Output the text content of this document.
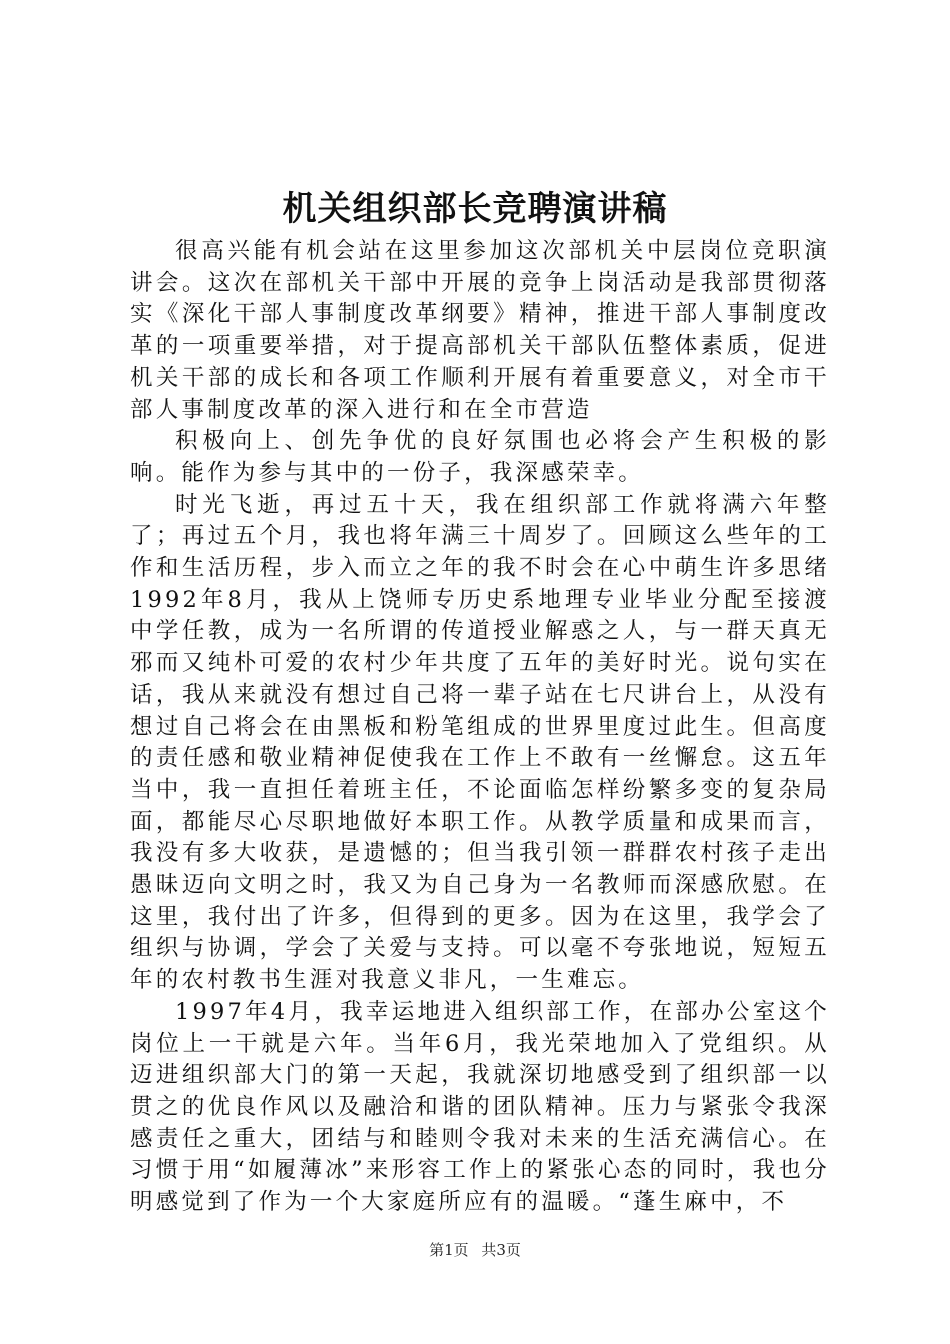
机关组织部长竞聘演讲稿

很高兴能有机会站在这里参加这次部机关中层岗位竞职演讲会。这次在部机关干部中开展的竞争上岗活动是我部贯彻落实《深化干部人事制度改革纲要》精神，推进干部人事制度改革的一项重要举措，对于提高部机关干部队伍整体素质，促进机关干部的成长和各项工作顺利开展有着重要意义，对全市干部人事制度改革的深入进行和在全市营造

积极向上、创先争优的良好氛围也必将会产生积极的影响。能作为参与其中的一份子，我深感荣幸。

时光飞逝，再过五十天，我在组织部工作就将满六年整了；再过五个月，我也将年满三十周岁了。回顾这么些年的工作和生活历程，步入而立之年的我不时会在心中萌生许多思绪1992年8月，我从上饶师专历史系地理专业毕业分配至接渡中学任教，成为一名所谓的传道授业解惑之人，与一群天真无邪而又纯朴可爱的农村少年共度了五年的美好时光。说句实在话，我从来就没有想过自己将一辈子站在七尺讲台上，从没有想过自己将会在由黑板和粉笔组成的世界里度过此生。但高度的责任感和敬业精神促使我在工作上不敢有一丝懈怠。这五年当中，我一直担任着班主任，不论面临怎样纷繁多变的复杂局面，都能尽心尽职地做好本职工作。从教学质量和成果而言，我没有多大收获，是遗憾的；但当我引领一群群农村孩子走出愚昧迈向文明之时，我又为自己身为一名教师而深感欣慰。在这里，我付出了许多，但得到的更多。因为在这里，我学会了组织与协调，学会了关爱与支持。可以毫不夸张地说，短短五年的农村教书生涯对我意义非凡，一生难忘。

1997年4月，我幸运地进入组织部工作，在部办公室这个岗位上一干就是六年。当年6月，我光荣地加入了党组织。从迈进组织部大门的第一天起，我就深切地感受到了组织部一以贯之的优良作风以及融洽和谐的团队精神。压力与紧张令我深感责任之重大，团结与和睦则令我对未来的生活充满信心。在习惯于用“如履薄冰”来形容工作上的紧张心态的同时，我也分明感觉到了作为一个大家庭所应有的温暖。“蓬生麻中，不

第1页 共3页
